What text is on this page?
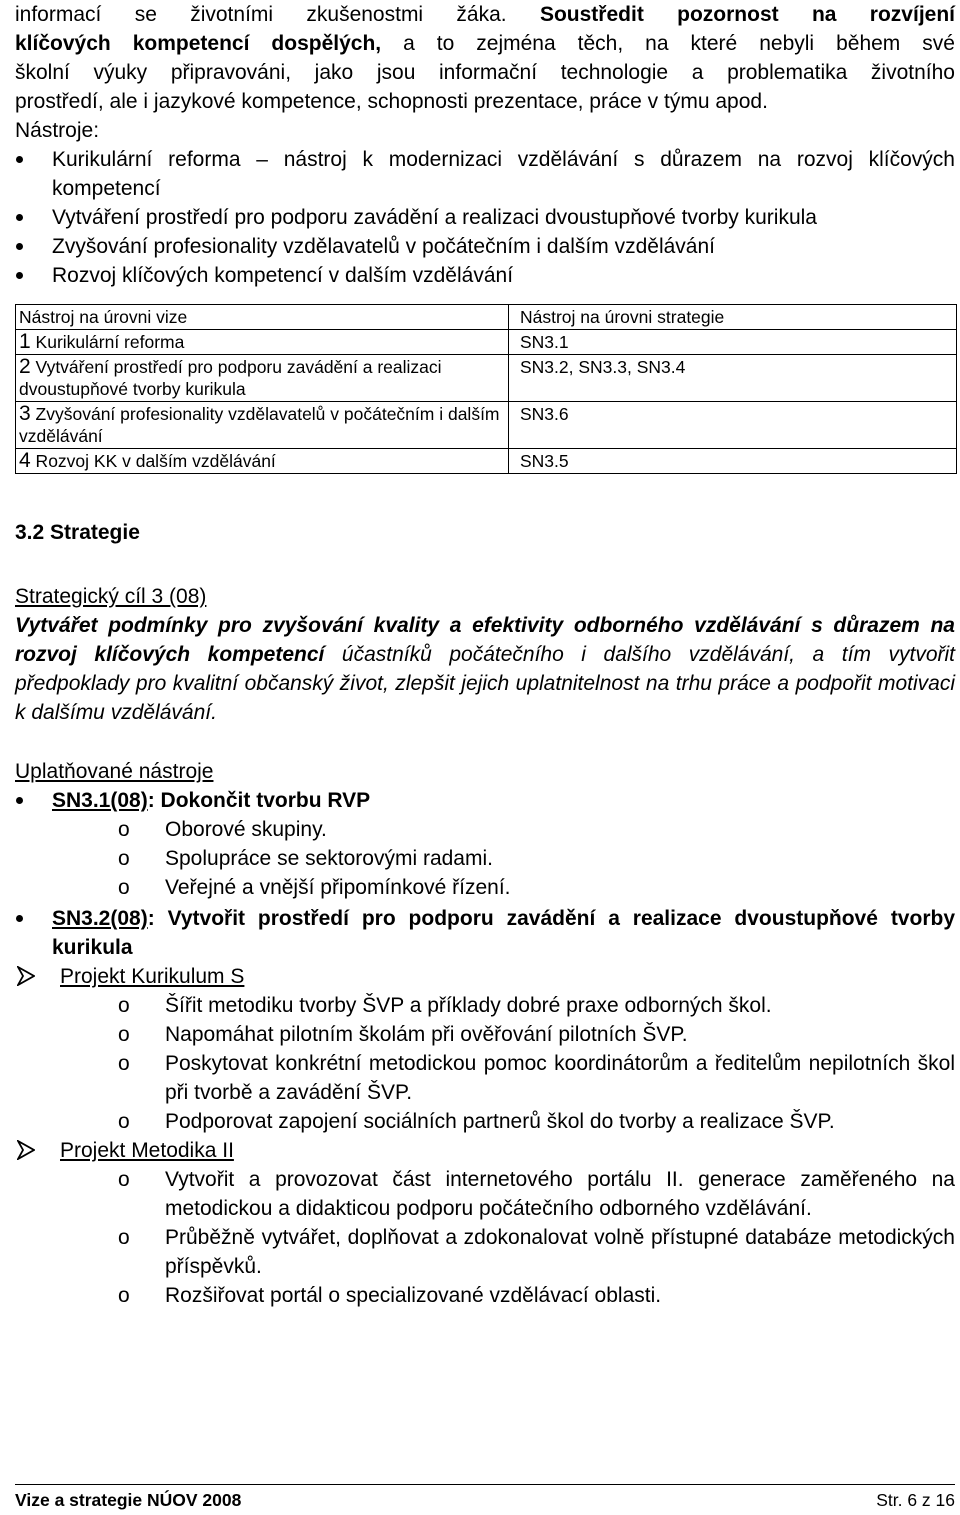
informací se životními zkušenostmi žáka. Soustředit pozornost na rozvíjení
klíčových kompetencí dospělých, a to zejména těch, na které nebyli během své
školní výuky připravováni, jako jsou informační technologie a problematika životního
prostředí, ale i jazykové kompetence, schopnosti prezentace, práce v týmu apod.

Nástroje:

Kurikulární reforma – nástroj k modernizaci vzdělávání s důrazem na rozvoj klíčových kompetencí
Vytváření prostředí pro podporu zavádění a realizaci dvoustupňové tvorby kurikula
Zvyšování profesionality vzdělavatelů v počátečním i dalším vzdělávání
Rozvoj klíčových kompetencí v dalším vzdělávání
Nástroj na úrovni vize	Nástroj na úrovni strategie
1 Kurikulární reforma	SN3.1
2 Vytváření prostředí pro podporu zavádění a realizaci dvoustupňové tvorby kurikula	SN3.2, SN3.3, SN3.4
3 Zvyšování profesionality vzdělavatelů v počátečním i dalším vzdělávání	SN3.6
4 Rozvoj KK v dalším vzdělávání	SN3.5

3.2 Strategie

Strategický cíl 3 (08)

Vytvářet podmínky pro zvyšování kvality a efektivity odborného vzdělávání s důrazem na rozvoj klíčových kompetencí účastníků počátečního i dalšího vzdělávání, a tím vytvořit předpoklady pro kvalitní občanský život, zlepšit jejich uplatnitelnost na trhu práce a podpořit motivaci k dalšímu vzdělávání.

Uplatňované nástroje

SN3.1(08): Dokončit tvorbu RVP
o Oborové skupiny.
o Spolupráce se sektorovými radami.
o Veřejné a vnější připomínkové řízení.
SN3.2(08): Vytvořit prostředí pro podporu zavádění a realizace dvoustupňové tvorby kurikula
Projekt Kurikulum S
o Šířit metodiku tvorby ŠVP a příklady dobré praxe odborných škol.
o Napomáhat pilotním školám při ověřování pilotních ŠVP.
o Poskytovat konkrétní metodickou pomoc koordinátorům a ředitelům nepilotních škol při tvorbě a zavádění ŠVP.
o Podporovat zapojení sociálních partnerů škol do tvorby a realizace ŠVP.
Projekt Metodika II
o Vytvořit a provozovat část internetového portálu II. generace zaměřeného na metodickou a didakticou podporu počátečního odborného vzdělávání.
o Průběžně vytvářet, doplňovat a zdokonalovat volně přístupné databáze metodických příspěvků.
o Rozšiřovat portál o specializované vzdělávací oblasti.
Vize a strategie NÚOV 2008	Str. 6 z 16
